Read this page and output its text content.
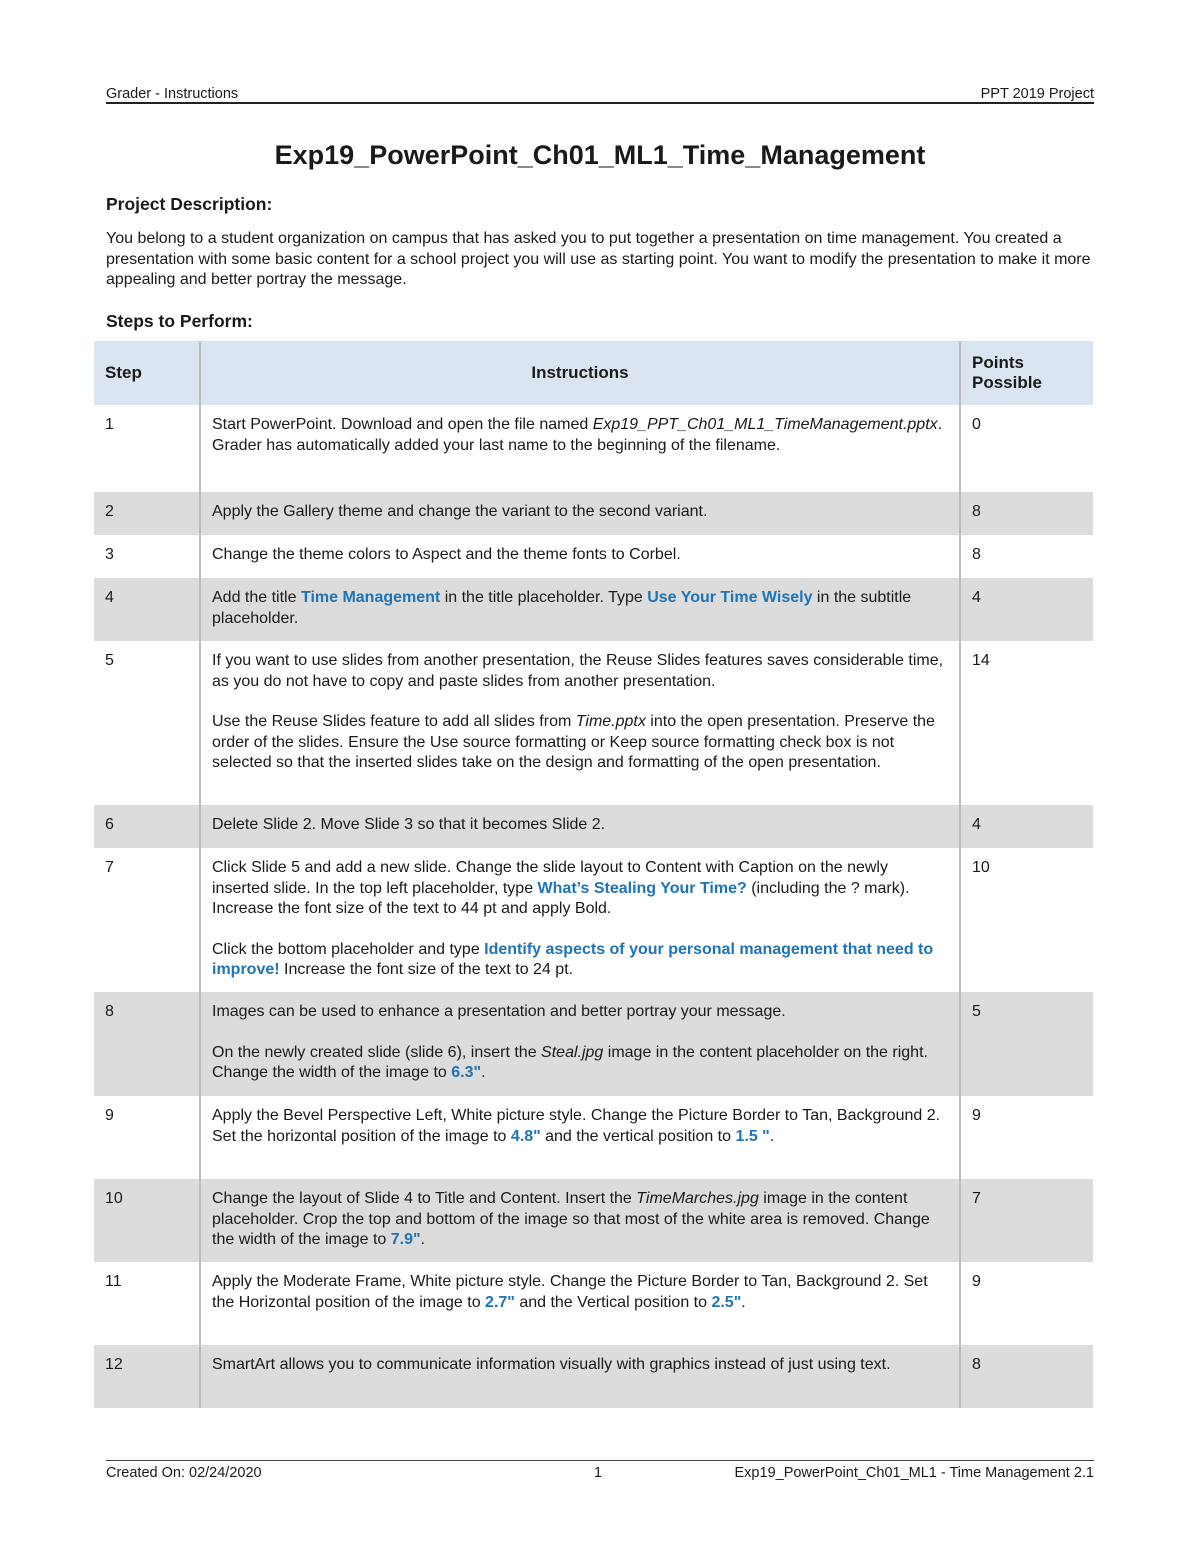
Grader - Instructions	PPT 2019 Project
Exp19_PowerPoint_Ch01_ML1_Time_Management
Project Description:
You belong to a student organization on campus that has asked you to put together a presentation on time management. You created a presentation with some basic content for a school project you will use as starting point. You want to modify the presentation to make it more appealing and better portray the message.
Steps to Perform:
Step	Instructions	Points Possible

1	Start PowerPoint. Download and open the file named Exp19_PPT_Ch01_ML1_TimeManagement.pptx. Grader has automatically added your last name to the beginning of the filename.	0
2	Apply the Gallery theme and change the variant to the second variant.	8
3	Change the theme colors to Aspect and the theme fonts to Corbel.	8
4	Add the title Time Management in the title placeholder. Type Use Your Time Wisely in the subtitle placeholder.	4
5	If you want to use slides from another presentation, the Reuse Slides features saves considerable time, as you do not have to copy and paste slides from another presentation.

Use the Reuse Slides feature to add all slides from Time.pptx into the open presentation. Preserve the order of the slides. Ensure the Use source formatting or Keep source formatting check box is not selected so that the inserted slides take on the design and formatting of the open presentation.	14
6	Delete Slide 2. Move Slide 3 so that it becomes Slide 2.	4
7	Click Slide 5 and add a new slide. Change the slide layout to Content with Caption on the newly inserted slide. In the top left placeholder, type What’s Stealing Your Time? (including the ? mark). Increase the font size of the text to 44 pt and apply Bold.

Click the bottom placeholder and type Identify aspects of your personal management that need to improve! Increase the font size of the text to 24 pt.	10
8	Images can be used to enhance a presentation and better portray your message.

On the newly created slide (slide 6), insert the Steal.jpg image in the content placeholder on the right. Change the width of the image to 6.3".	5
9	Apply the Bevel Perspective Left, White picture style. Change the Picture Border to Tan, Background 2. Set the horizontal position of the image to 4.8" and the vertical position to 1.5 ".	9
10	Change the layout of Slide 4 to Title and Content. Insert the TimeMarches.jpg image in the content placeholder. Crop the top and bottom of the image so that most of the white area is removed. Change the width of the image to 7.9".	7
11	Apply the Moderate Frame, White picture style. Change the Picture Border to Tan, Background 2. Set the Horizontal position of the image to 2.7" and the Vertical position to 2.5".	9
12	SmartArt allows you to communicate information visually with graphics instead of just using text.	8
Created On: 02/24/2020	1	Exp19_PowerPoint_Ch01_ML1 - Time Management 2.1
